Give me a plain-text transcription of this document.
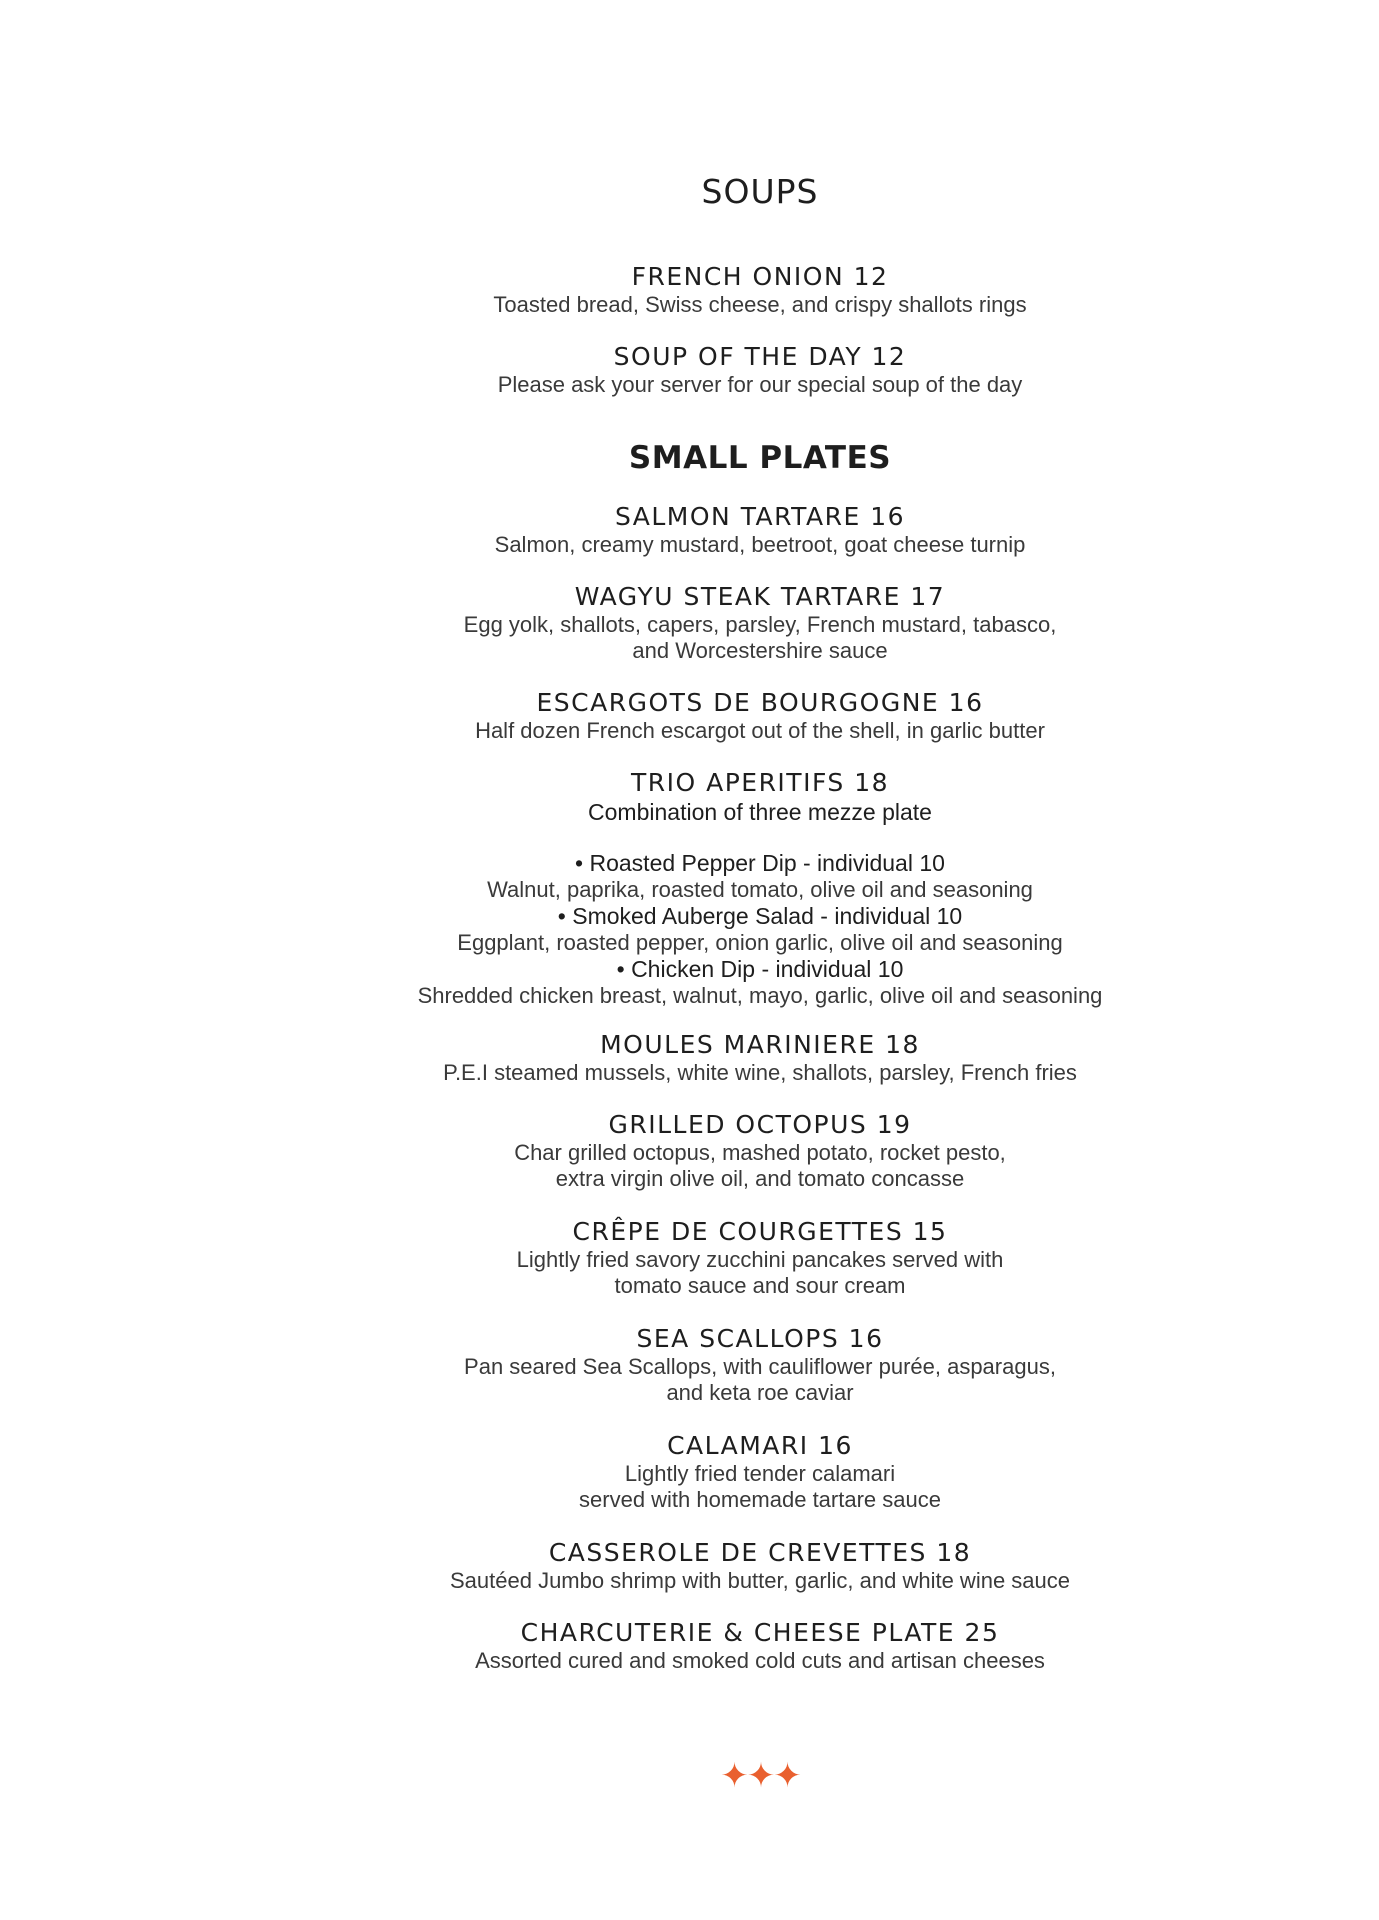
SOUPS

FRENCH ONION 12

Toasted bread, Swiss cheese, and crispy shallots rings

SOUP OF THE DAY 12

Please ask your server for our special soup of the day

SMALL PLATES

SALMON TARTARE 16

Salmon, creamy mustard, beetroot, goat cheese turnip

WAGYU STEAK TARTARE 17

Egg yolk, shallots, capers, parsley, French mustard, tabasco,

and Worcestershire sauce

ESCARGOTS DE BOURGOGNE 16

Half dozen French escargot out of the shell, in garlic butter

TRIO APERITIFS 18

Combination of three mezze plate

• Roasted Pepper Dip - individual 10

Walnut, paprika, roasted tomato, olive oil and seasoning

• Smoked Auberge Salad - individual 10

Eggplant, roasted pepper, onion garlic, olive oil and seasoning

• Chicken Dip - individual 10

Shredded chicken breast, walnut, mayo, garlic, olive oil and seasoning

MOULES MARINIERE 18

P.E.I steamed mussels, white wine, shallots, parsley, French fries

GRILLED OCTOPUS 19

Char grilled octopus, mashed potato, rocket pesto,

extra virgin olive oil, and tomato concasse

CRÊPE DE COURGETTES 15

Lightly fried savory zucchini pancakes served with

tomato sauce and sour cream

SEA SCALLOPS 16

Pan seared Sea Scallops, with cauliflower purée, asparagus,

and keta roe caviar

CALAMARI 16

Lightly fried tender calamari

served with homemade tartare sauce

CASSEROLE DE CREVETTES 18

Sautéed Jumbo shrimp with butter, garlic, and white wine sauce

CHARCUTERIE & CHEESE PLATE 25

Assorted cured and smoked cold cuts and artisan cheeses

✦✦✦
